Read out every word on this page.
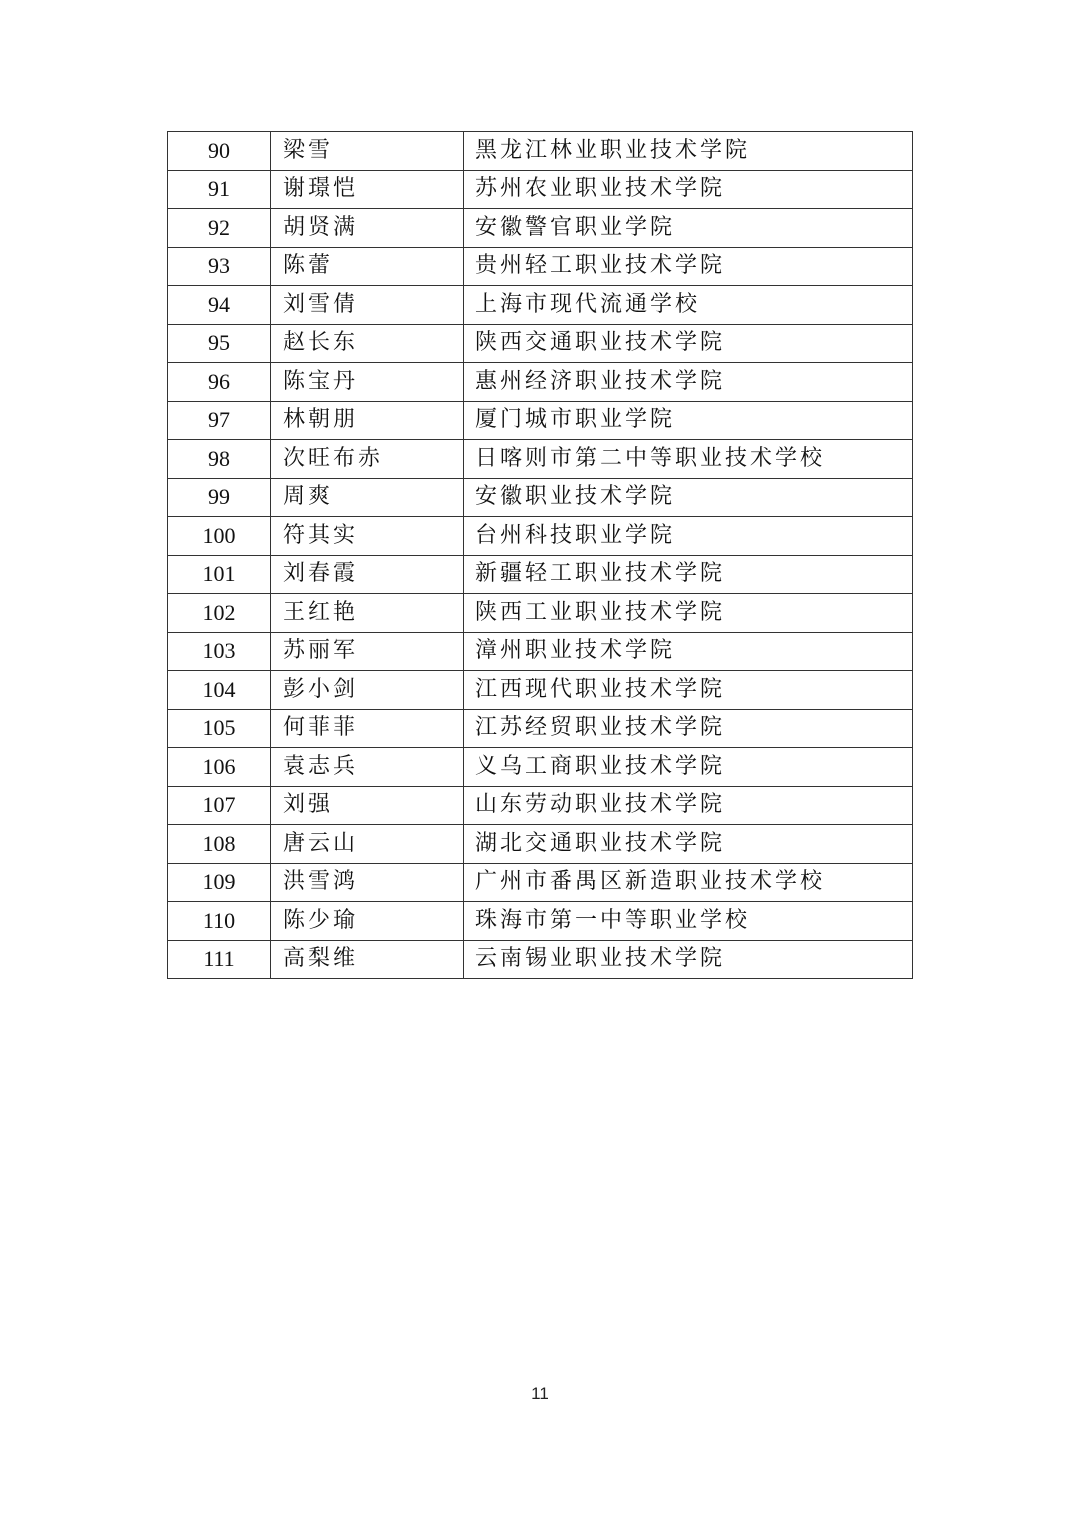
90	梁雪	黑龙江林业职业技术学院
91	谢璟恺	苏州农业职业技术学院
92	胡贤满	安徽警官职业学院
93	陈蕾	贵州轻工职业技术学院
94	刘雪倩	上海市现代流通学校
95	赵长东	陕西交通职业技术学院
96	陈宝丹	惠州经济职业技术学院
97	林朝朋	厦门城市职业学院
98	次旺布赤	日喀则市第二中等职业技术学校
99	周爽	安徽职业技术学院
100	符其实	台州科技职业学院
101	刘春霞	新疆轻工职业技术学院
102	王红艳	陕西工业职业技术学院
103	苏丽军	漳州职业技术学院
104	彭小剑	江西现代职业技术学院
105	何菲菲	江苏经贸职业技术学院
106	袁志兵	义乌工商职业技术学院
107	刘强	山东劳动职业技术学院
108	唐云山	湖北交通职业技术学院
109	洪雪鸿	广州市番禺区新造职业技术学校
110	陈少瑜	珠海市第一中等职业学校
111	高梨维	云南锡业职业技术学院
11
